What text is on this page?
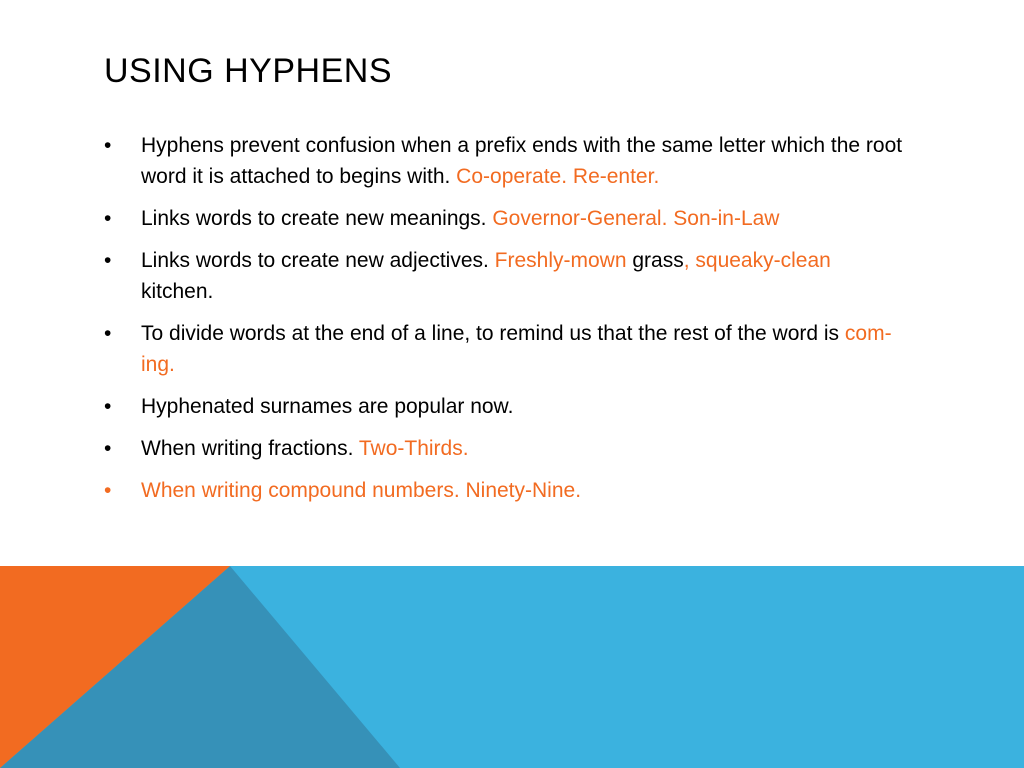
USING HYPHENS
•	Hyphens prevent confusion when a prefix ends with the same letter which the root word it is attached to begins with. Co-operate. Re-enter.
•	Links words to create new meanings. Governor-General. Son-in-Law
•	Links words to create new adjectives. Freshly-mown grass, squeaky-clean kitchen.
•	To divide words at the end of a line, to remind us that the rest of the word is com- ing.
•	Hyphenated surnames are popular now.
•	When writing fractions. Two-Thirds.
•	When writing compound numbers. Ninety-Nine.
